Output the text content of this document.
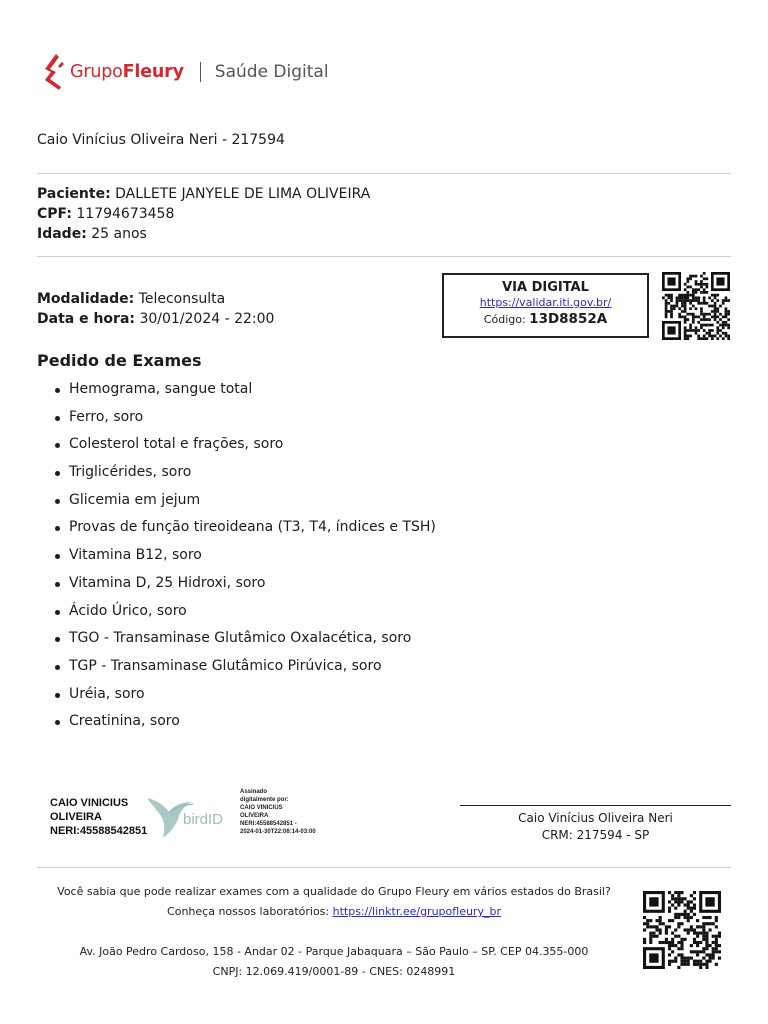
GrupoFleury Saúde Digital
Caio Vinícius Oliveira Neri - 217594
Paciente: DALLETE JANYELE DE LIMA OLIVEIRA
CPF: 11794673458
Idade: 25 anos
Modalidade: Teleconsulta
Data e hora: 30/01/2024 - 22:00
VIA DIGITAL
https://validar.iti.gov.br/
Código: 13D8852A
Pedido de Exames
Hemograma, sangue total
Ferro, soro
Colesterol total e frações, soro
Triglicérides, soro
Glicemia em jejum
Provas de função tireoideana (T3, T4, índices e TSH)
Vitamina B12, soro
Vitamina D, 25 Hidroxi, soro
Ácido Úrico, soro
TGO - Transaminase Glutâmico Oxalacética, soro
TGP - Transaminase Glutâmico Pirúvica, soro
Uréia, soro
Creatinina, soro
CAIO VINICIUS
OLIVEIRA
NERI:45588542851
birdID
Assinado
digitalmente por:
CAIO VINICIUS
OLIVEIRA
NERI:45588542851 -
2024-01-30T22:06:14-03:00
Caio Vinícius Oliveira Neri
CRM: 217594 - SP
Você sabia que pode realizar exames com a qualidade do Grupo Fleury em vários estados do Brasil?
Conheça nossos laboratórios: https://linktr.ee/grupofleury_br
Av. João Pedro Cardoso, 158 - Andar 02 - Parque Jabaquara – São Paulo – SP. CEP 04.355-000
CNPJ: 12.069.419/0001-89 - CNES: 0248991
